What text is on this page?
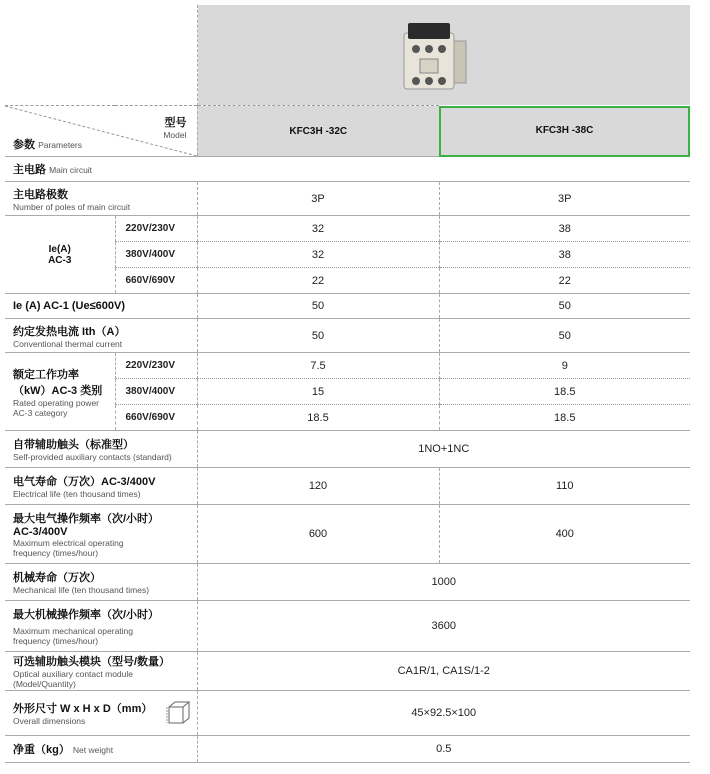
型号
Model
参数 Parameters		KFC3H -32C	KFC3H -38C
主电路 Main circuit			

主电路极数
Number of poles of main circuit		3P	3P

Ie(A)
AC-3	220V/230V	32	38
	380V/400V	32	38
	660V/690V	22	22
Ie (A) AC-1 (Ue≤600V)		50	50

约定发热电流 Ith（A）
Conventional thermal current		50	50

额定工作功率
（kW）AC-3 类别
Rated operating power
AC-3 category	220V/230V	7.5	9
	380V/400V	15	18.5
	660V/690V	18.5	18.5

自带辅助触头（标准型）
Self-provided auxiliary contacts (standard)		1NO+1NC	

电气寿命（万次）AC-3/400V
Electrical life (ten thousand times)		120	110

最大电气操作频率（次/小时）
AC-3/400V
Maximum electrical operating
frequency (times/hour)		600	400

机械寿命（万次）
Mechanical life (ten thousand times)		1000	

最大机械操作频率（次/小时）
Maximum mechanical operating
frequency (times/hour)		3600	

可选辅助触头模块（型号/数量）
Optical auxiliary contact module (Model/Quantity)		CA1R/1, CA1S/1-2	

外形尺寸 W x H x D（mm）
Overall dimensions		45×92.5×100	
净重（kg） Net weight		0.5	
